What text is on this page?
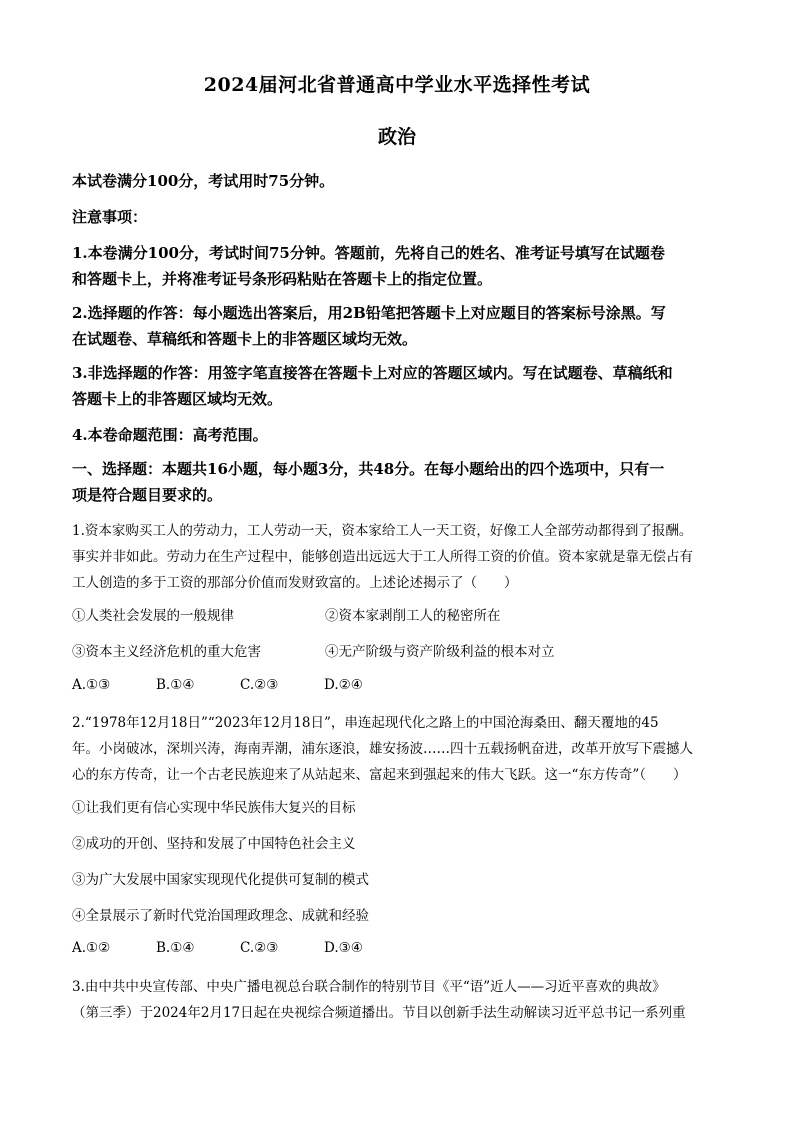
2024届河北省普通高中学业水平选择性考试
政治
本试卷满分100分，考试用时75分钟。
注意事项：
1.本卷满分100分，考试时间75分钟。答题前，先将自己的姓名、准考证号填写在试题卷
和答题卡上，并将准考证号条形码粘贴在答题卡上的指定位置。
2.选择题的作答：每小题选出答案后，用2B铅笔把答题卡上对应题目的答案标号涂黑。写
在试题卷、草稿纸和答题卡上的非答题区域均无效。
3.非选择题的作答：用签字笔直接答在答题卡上对应的答题区域内。写在试题卷、草稿纸和
答题卡上的非答题区域均无效。
4.本卷命题范围：高考范围。
一、选择题：本题共16小题，每小题3分，共48分。在每小题给出的四个选项中，只有一
项是符合题目要求的。
1.资本家购买工人的劳动力，工人劳动一天，资本家给工人一天工资，好像工人全部劳动都得到了报酬。
事实并非如此。劳动力在生产过程中，能够创造出远远大于工人所得工资的价值。资本家就是靠无偿占有
工人创造的多于工资的那部分价值而发财致富的。上述论述揭示了（　　）
①人类社会发展的一般规律	②资本家剥削工人的秘密所在
③资本主义经济危机的重大危害	④无产阶级与资产阶级利益的根本对立
A.①③	B.①④	C.②③	D.②④
2.“1978年12月18日”“2023年12月18日”，串连起现代化之路上的中国沧海桑田、翻天覆地的45
年。小岗破冰，深圳兴涛，海南弄潮，浦东逐浪，雄安扬波……四十五载扬帆奋进，改革开放写下震撼人
心的东方传奇，让一个古老民族迎来了从站起来、富起来到强起来的伟大飞跃。这一“东方传奇”（　　）
①让我们更有信心实现中华民族伟大复兴的目标
②成功的开创、坚持和发展了中国特色社会主义
③为广大发展中国家实现现代化提供可复制的模式
④全景展示了新时代党治国理政理念、成就和经验
A.①②	B.①④	C.②③	D.③④
3.由中共中央宣传部、中央广播电视总台联合制作的特别节目《平“语”近人——习近平喜欢的典故》
（第三季）于2024年2月17日起在央视综合频道播出。节目以创新手法生动解读习近平总书记一系列重
